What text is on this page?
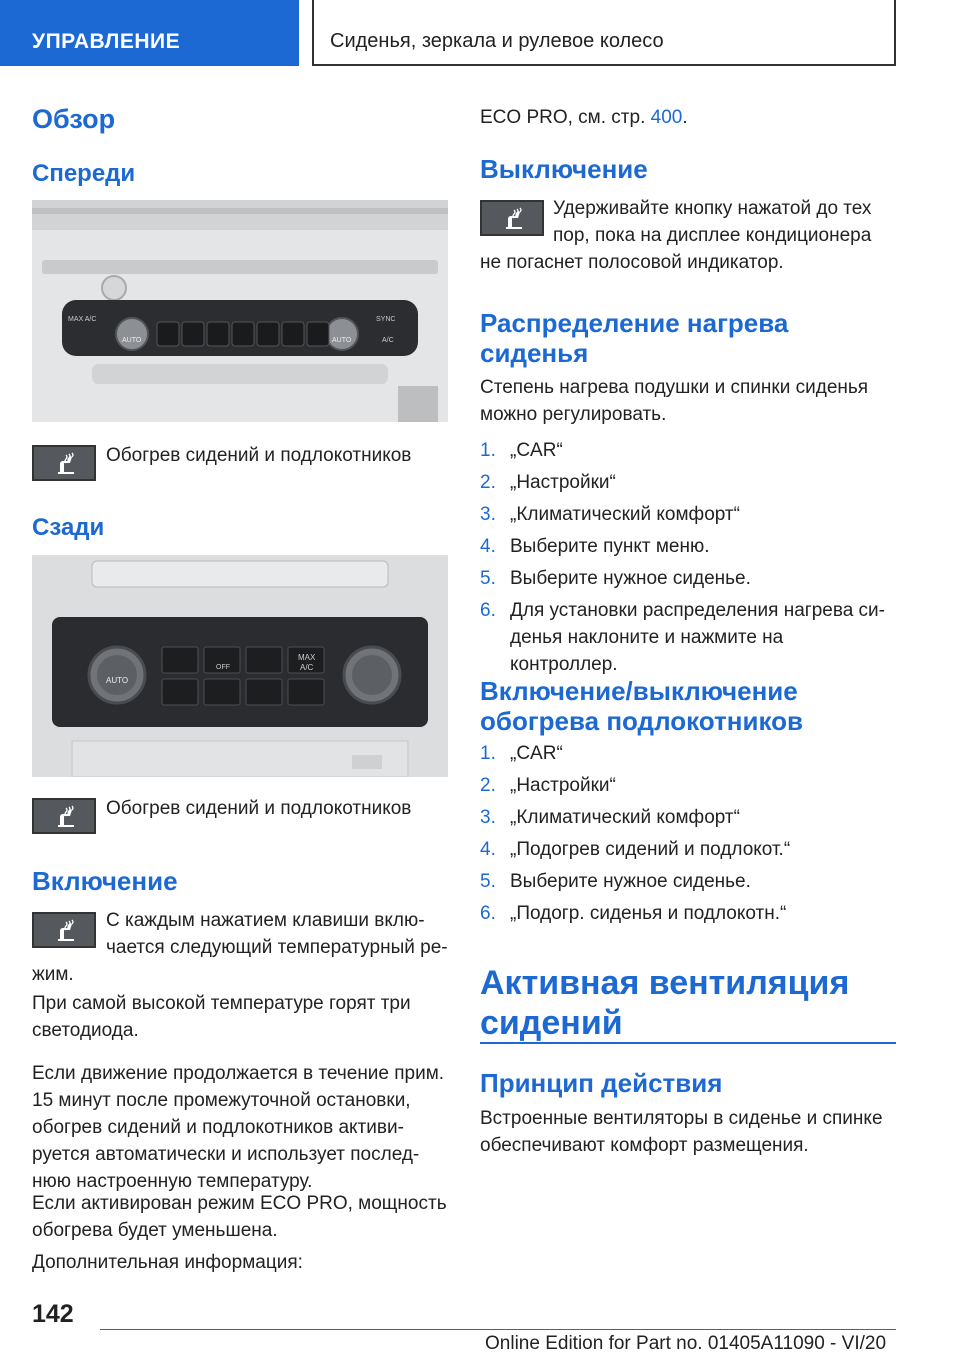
УПРАВЛЕНИЕ	Сиденья, зеркала и рулевое колесо
Обзор
Спереди
MAX A/C
AUTO	AUTO
SYNC
A/C
Обогрев сидений и подлокотников
Сзади
AUTO
OFF
MAX
A/C
Обогрев сидений и подлокотников
Включение
С каждым нажатием клавиши вклю-
чается следующий температурный ре-
жим.
При самой высокой температуре горят три светодиода.
Если движение продолжается в течение прим. 15 минут после промежуточной остановки, обогрев сидений и подлокотников активи-руется автоматически и использует послед-нюю настроенную температуру.
Если активирован режим ECO PRO, мощность обогрева будет уменьшена.
Дополнительная информация:
ECO PRO, см. стр. 400.
Выключение
Удерживайте кнопку нажатой до тех
пор, пока на дисплее кондиционера
не погаснет полосовой индикатор.
Распределение нагрева
сиденья
Степень нагрева подушки и спинки сиденья можно регулировать.
1. „CAR“
2. „Настройки“
3. „Климатический комфорт“
4. Выберите пункт меню.
5. Выберите нужное сиденье.
6. Для установки распределения нагрева си-денья наклоните и нажмите на контроллер.
Включение/выключение
обогрева подлокотников
1. „CAR“
2. „Настройки“
3. „Климатический комфорт“
4. „Подогрев сидений и подлокот.“
5. Выберите нужное сиденье.
6. „Подогр. сиденья и подлокотн.“
Активная вентиляция
сидений
Принцип действия
Встроенные вентиляторы в сиденье и спинке обеспечивают комфорт размещения.
142
Online Edition for Part no. 01405A11090 - VI/20
